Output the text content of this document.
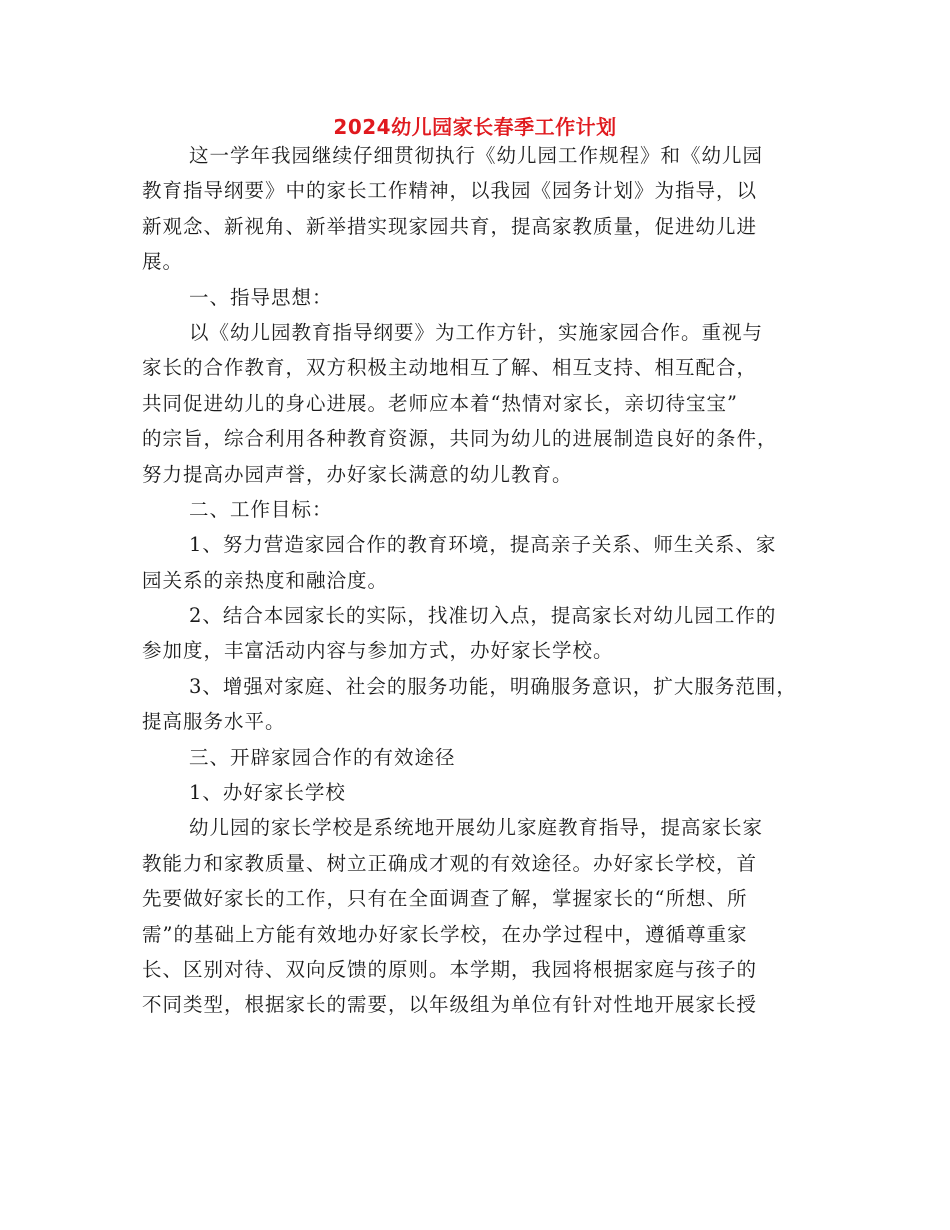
2024幼儿园家长春季工作计划
这一学年我园继续仔细贯彻执行《幼儿园工作规程》和《幼儿园
教育指导纲要》中的家长工作精神，以我园《园务计划》为指导，以
新观念、新视角、新举措实现家园共育，提高家教质量，促进幼儿进
展。
一、指导思想：
以《幼儿园教育指导纲要》为工作方针，实施家园合作。重视与
家长的合作教育，双方积极主动地相互了解、相互支持、相互配合，
共同促进幼儿的身心进展。老师应本着“热情对家长，亲切待宝宝”
的宗旨，综合利用各种教育资源，共同为幼儿的进展制造良好的条件，
努力提高办园声誉，办好家长满意的幼儿教育。
二、工作目标：
1、努力营造家园合作的教育环境，提高亲子关系、师生关系、家
园关系的亲热度和融洽度。
2、结合本园家长的实际，找准切入点，提高家长对幼儿园工作的
参加度，丰富活动内容与参加方式，办好家长学校。
3、增强对家庭、社会的服务功能，明确服务意识，扩大服务范围，
提高服务水平。
三、开辟家园合作的有效途径
1、办好家长学校
幼儿园的家长学校是系统地开展幼儿家庭教育指导，提高家长家
教能力和家教质量、树立正确成才观的有效途径。办好家长学校，首
先要做好家长的工作，只有在全面调查了解，掌握家长的“所想、所
需”的基础上方能有效地办好家长学校，在办学过程中，遵循尊重家
长、区别对待、双向反馈的原则。本学期，我园将根据家庭与孩子的
不同类型，根据家长的需要，以年级组为单位有针对性地开展家长授
